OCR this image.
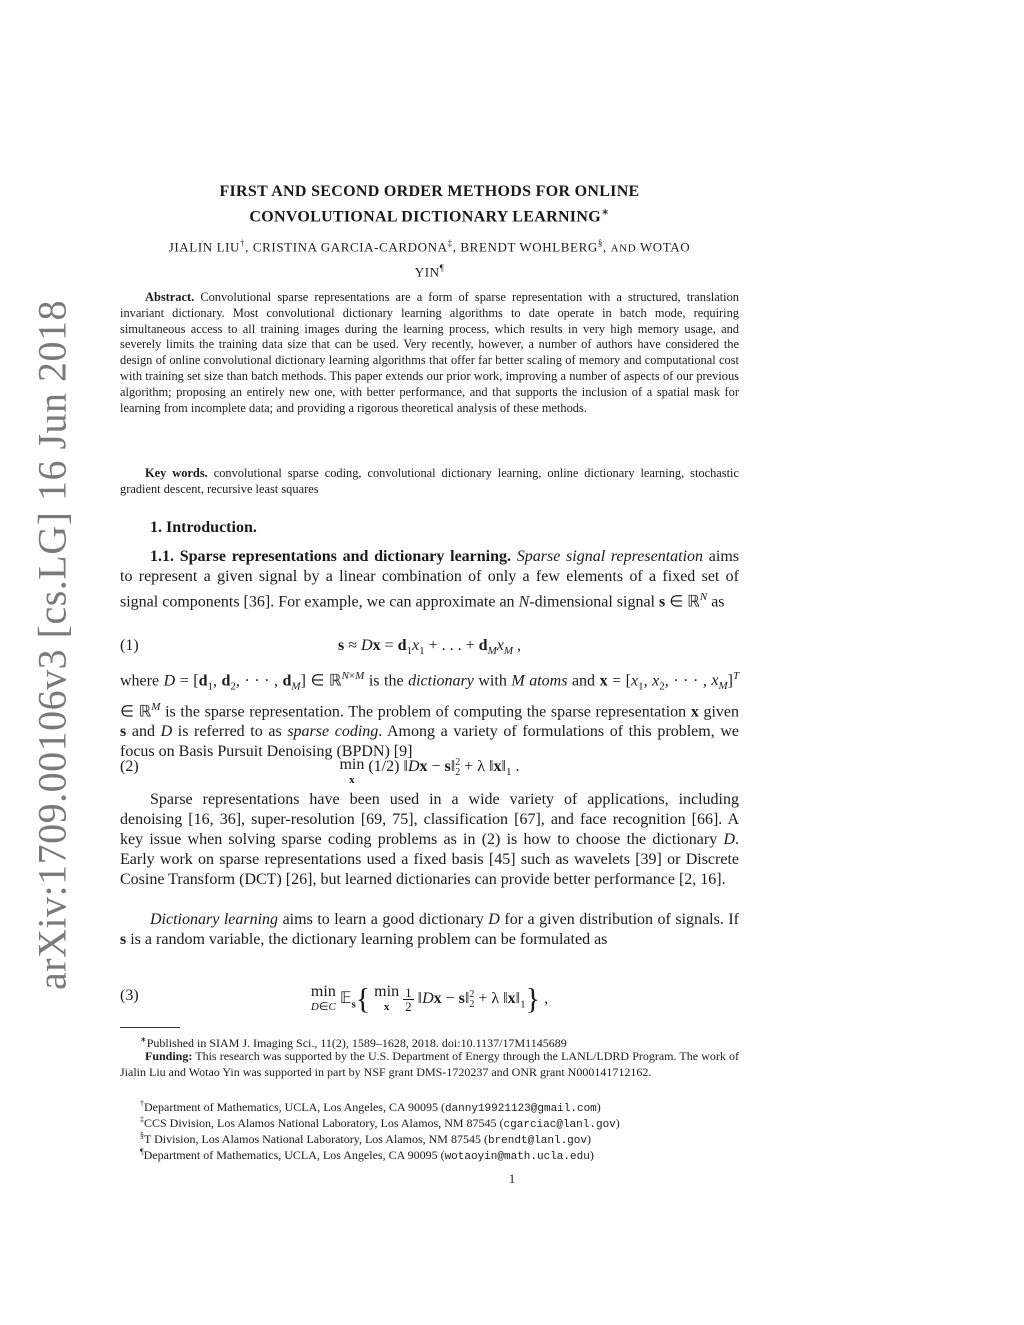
arXiv:1709.00106v3 [cs.LG] 16 Jun 2018
FIRST AND SECOND ORDER METHODS FOR ONLINE
CONVOLUTIONAL DICTIONARY LEARNING∗
JIALIN LIU†, CRISTINA GARCIA-CARDONA‡, BRENDT WOHLBERG§, AND WOTAO
YIN¶
Abstract. Convolutional sparse representations are a form of sparse representation with a structured, translation invariant dictionary. Most convolutional dictionary learning algorithms to date operate in batch mode, requiring simultaneous access to all training images during the learning process, which results in very high memory usage, and severely limits the training data size that can be used. Very recently, however, a number of authors have considered the design of online convolutional dictionary learning algorithms that offer far better scaling of memory and computational cost with training set size than batch methods. This paper extends our prior work, improving a number of aspects of our previous algorithm; proposing an entirely new one, with better performance, and that supports the inclusion of a spatial mask for learning from incomplete data; and providing a rigorous theoretical analysis of these methods.
Key words. convolutional sparse coding, convolutional dictionary learning, online dictionary learning, stochastic gradient descent, recursive least squares
1. Introduction.
1.1. Sparse representations and dictionary learning. Sparse signal representation aims to represent a given signal by a linear combination of only a few elements of a fixed set of signal components [36]. For example, we can approximate an N-dimensional signal s ∈ ℝ$^N$ as
(1)	$s \approx Dx = d_1x_1$ + . . . + $d_Mx_M$ ,
where $D = [d_1$, $d_2$, · · · , $d_M$] ∈ ℝ$^{N\times M}$ is the dictionary with M atoms and $x = [x_1$, $x_2$, · · · , $x_M]^T$ ∈ ℝ$^M$ is the sparse representation. The problem of computing the sparse representation x given s and D is referred to as sparse coding. Among a variety of formulations of this problem, we focus on Basis Pursuit Denoising (BPDN) [9]
(2)	min
x (1/2) ‖Dx − s‖2
2 + λ $‖x‖_1$ .
Sparse representations have been used in a wide variety of applications, including denoising [16, 36], super-resolution [69, 75], classification [67], and face recognition [66]. A key issue when solving sparse coding problems as in (2) is how to choose the dictionary D. Early work on sparse representations used a fixed basis [45] such as wavelets [39] or Discrete Cosine Transform (DCT) [26], but learned dictionaries can provide better performance [2, 16].
Dictionary learning aims to learn a good dictionary D for a given distribution of signals. If s is a random variable, the dictionary learning problem can be formulated as
(3)	min
D∈C 𝔼$_s${ min
x 1
2 ‖Dx − s‖2
2 + λ $‖x‖_1$} ,
∗Published in SIAM J. Imaging Sci., 11(2), 1589–1628, 2018. doi:10.1137/17M1145689
Funding: This research was supported by the U.S. Department of Energy through the LANL/LDRD Program. The work of Jialin Liu and Wotao Yin was supported in part by NSF grant DMS-1720237 and ONR grant N000141712162.
†Department of Mathematics, UCLA, Los Angeles, CA 90095 (danny19921123@gmail.com)
‡CCS Division, Los Alamos National Laboratory, Los Alamos, NM 87545 (cgarciac@lanl.gov)
§T Division, Los Alamos National Laboratory, Los Alamos, NM 87545 (brendt@lanl.gov)
¶Department of Mathematics, UCLA, Los Angeles, CA 90095 (wotaoyin@math.ucla.edu)
1
